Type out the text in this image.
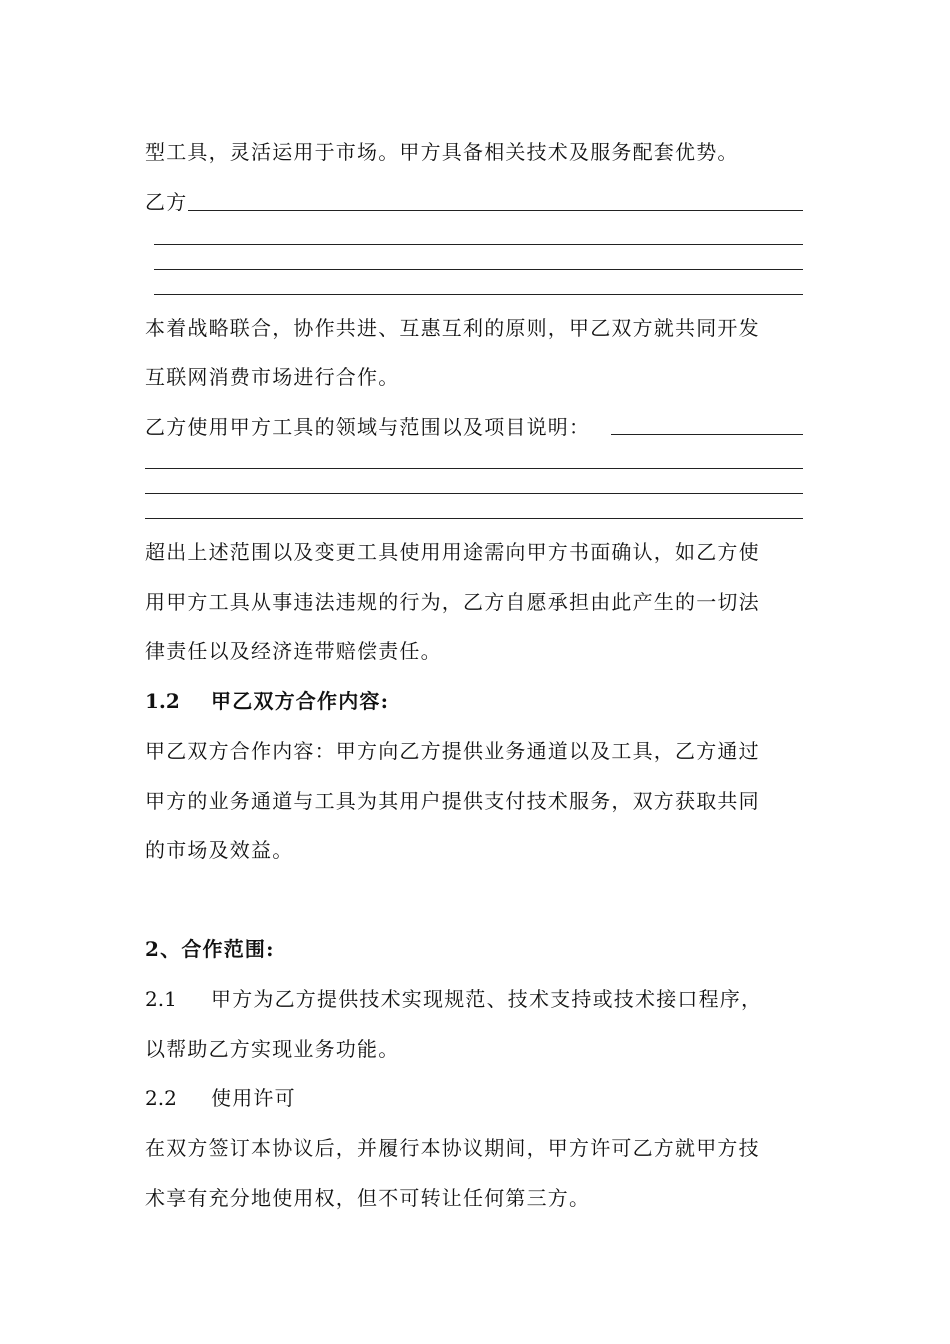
型工具，灵活运用于市场。甲方具备相关技术及服务配套优势。
乙方
本着战略联合，协作共进、互惠互利的原则，甲乙双方就共同开发
互联网消费市场进行合作。
乙方使用甲方工具的领域与范围以及项目说明：
超出上述范围以及变更工具使用用途需向甲方书面确认，如乙方使
用甲方工具从事违法违规的行为，乙方自愿承担由此产生的一切法
律责任以及经济连带赔偿责任。
1.2 甲乙双方合作内容:
甲乙双方合作内容：甲方向乙方提供业务通道以及工具，乙方通过
甲方的业务通道与工具为其用户提供支付技术服务，双方获取共同
的市场及效益。
2、合作范围:
2.1 甲方为乙方提供技术实现规范、技术支持或技术接口程序，
以帮助乙方实现业务功能。
2.2 使用许可
在双方签订本协议后，并履行本协议期间，甲方许可乙方就甲方技
术享有充分地使用权，但不可转让任何第三方。
